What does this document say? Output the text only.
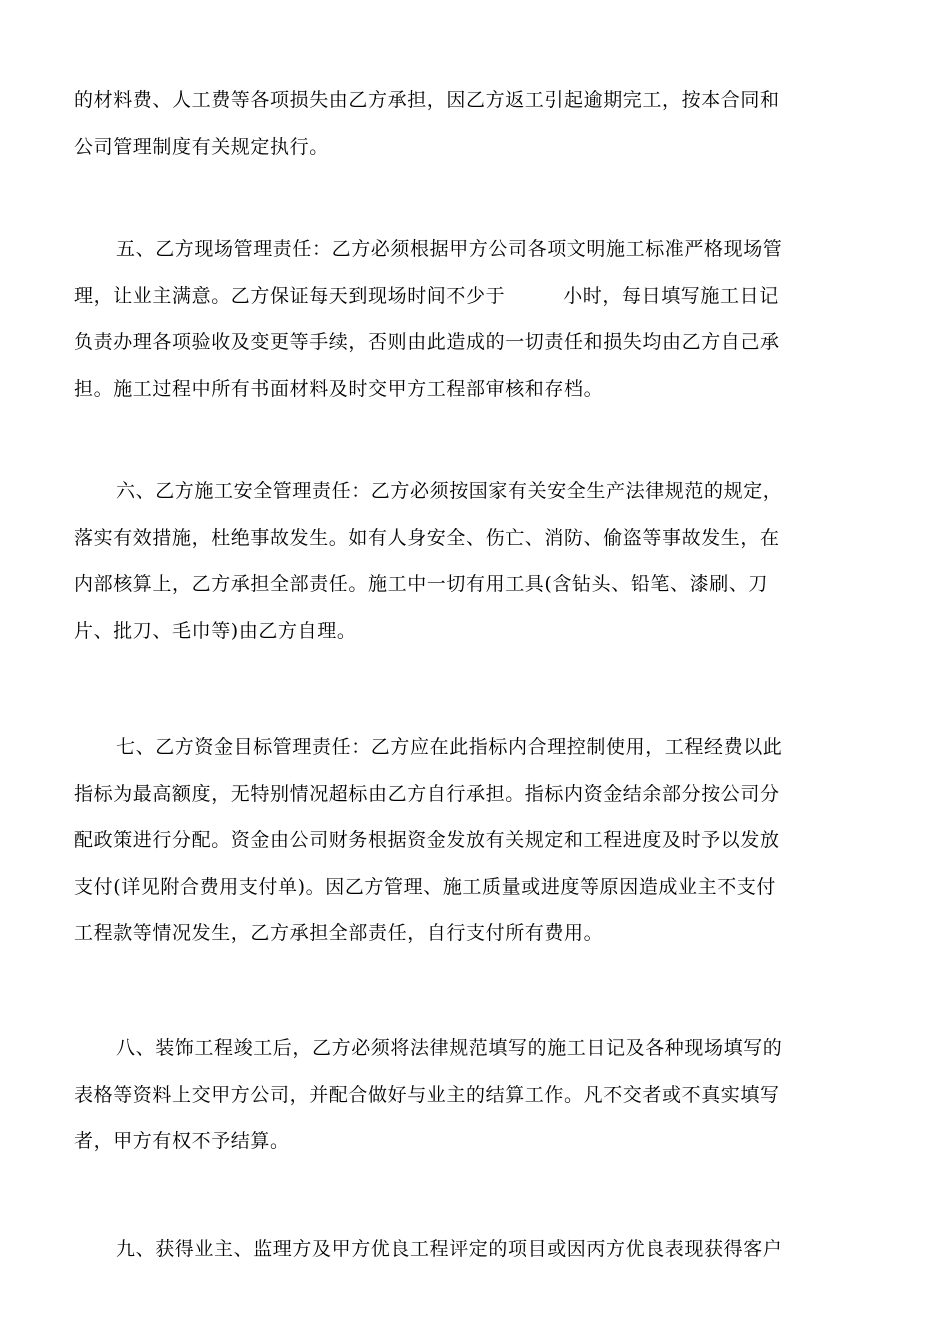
的材料费、人工费等各项损失由乙方承担，因乙方返工引起逾期完工，按本合同和
公司管理制度有关规定执行。

五、乙方现场管理责任：乙方必须根据甲方公司各项文明施工标准严格现场管
理，让业主满意。乙方保证每天到现场时间不少于	小时，每日填写施工日记
负责办理各项验收及变更等手续，否则由此造成的一切责任和损失均由乙方自己承
担。施工过程中所有书面材料及时交甲方工程部审核和存档。

六、乙方施工安全管理责任：乙方必须按国家有关安全生产法律规范的规定，
落实有效措施，杜绝事故发生。如有人身安全、伤亡、消防、偷盗等事故发生，在
内部核算上，乙方承担全部责任。施工中一切有用工具(含钻头、铅笔、漆刷、刀
片、批刀、毛巾等)由乙方自理。

七、乙方资金目标管理责任：乙方应在此指标内合理控制使用，工程经费以此
指标为最高额度，无特别情况超标由乙方自行承担。指标内资金结余部分按公司分
配政策进行分配。资金由公司财务根据资金发放有关规定和工程进度及时予以发放
支付(详见附合费用支付单)。因乙方管理、施工质量或进度等原因造成业主不支付
工程款等情况发生，乙方承担全部责任，自行支付所有费用。

八、装饰工程竣工后，乙方必须将法律规范填写的施工日记及各种现场填写的
表格等资料上交甲方公司，并配合做好与业主的结算工作。凡不交者或不真实填写
者，甲方有权不予结算。

九、获得业主、监理方及甲方优良工程评定的项目或因丙方优良表现获得客户
